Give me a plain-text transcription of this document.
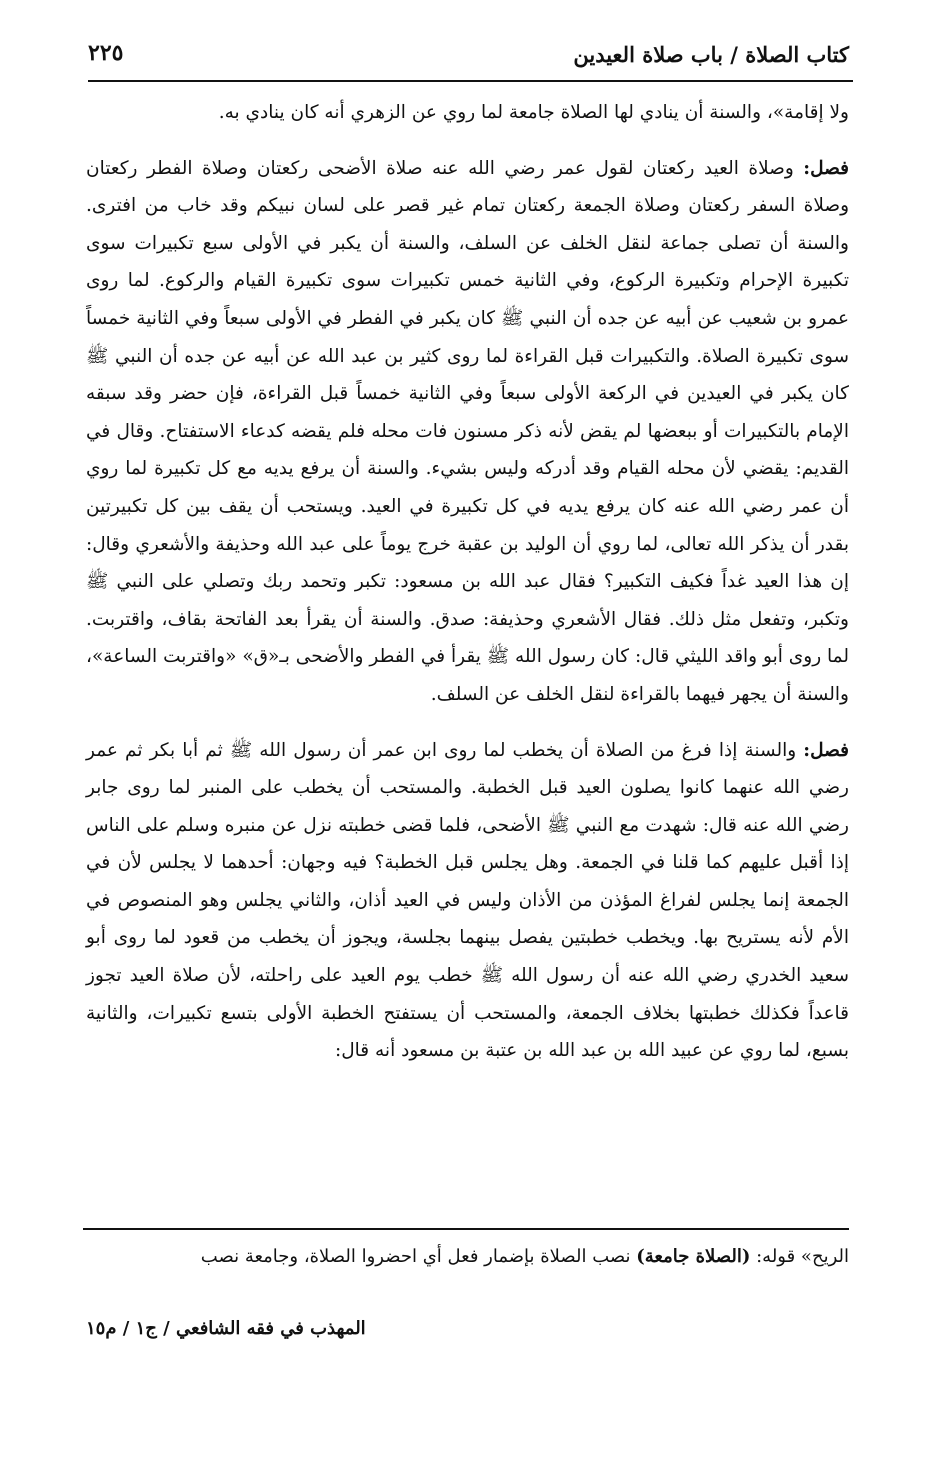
كتاب الصلاة / باب صلاة العيدين
٢٢٥

ولا إقامة»، والسنة أن ينادي لها الصلاة جامعة لما روي عن الزهري أنه كان ينادي به.

فصل: وصلاة العيد ركعتان لقول عمر رضي الله عنه صلاة الأضحى ركعتان وصلاة الفطر ركعتان وصلاة السفر ركعتان وصلاة الجمعة ركعتان تمام غير قصر على لسان نبيكم وقد خاب من افترى. والسنة أن تصلى جماعة لنقل الخلف عن السلف، والسنة أن يكبر في الأولى سبع تكبيرات سوى تكبيرة الإحرام وتكبيرة الركوع، وفي الثانية خمس تكبيرات سوى تكبيرة القيام والركوع. لما روى عمرو بن شعيب عن أبيه عن جده أن النبي ﷺ كان يكبر في الفطر في الأولى سبعاً وفي الثانية خمساً سوى تكبيرة الصلاة. والتكبيرات قبل القراءة لما روى كثير بن عبد الله عن أبيه عن جده أن النبي ﷺ كان يكبر في العيدين في الركعة الأولى سبعاً وفي الثانية خمساً قبل القراءة، فإن حضر وقد سبقه الإمام بالتكبيرات أو ببعضها لم يقض لأنه ذكر مسنون فات محله فلم يقضه كدعاء الاستفتاح. وقال في القديم: يقضي لأن محله القيام وقد أدركه وليس بشيء. والسنة أن يرفع يديه مع كل تكبيرة لما روي أن عمر رضي الله عنه كان يرفع يديه في كل تكبيرة في العيد. ويستحب أن يقف بين كل تكبيرتين بقدر أن يذكر الله تعالى، لما روي أن الوليد بن عقبة خرج يوماً على عبد الله وحذيفة والأشعري وقال: إن هذا العيد غداً فكيف التكبير؟ فقال عبد الله بن مسعود: تكبر وتحمد ربك وتصلي على النبي ﷺ وتكبر، وتفعل مثل ذلك. فقال الأشعري وحذيفة: صدق. والسنة أن يقرأ بعد الفاتحة بقاف، واقتربت. لما روى أبو واقد الليثي قال: كان رسول الله ﷺ يقرأ في الفطر والأضحى بـ«ق» «واقتربت الساعة»، والسنة أن يجهر فيهما بالقراءة لنقل الخلف عن السلف.

فصل: والسنة إذا فرغ من الصلاة أن يخطب لما روى ابن عمر أن رسول الله ﷺ ثم أبا بكر ثم عمر رضي الله عنهما كانوا يصلون العيد قبل الخطبة. والمستحب أن يخطب على المنبر لما روى جابر رضي الله عنه قال: شهدت مع النبي ﷺ الأضحى، فلما قضى خطبته نزل عن منبره وسلم على الناس إذا أقبل عليهم كما قلنا في الجمعة. وهل يجلس قبل الخطبة؟ فيه وجهان: أحدهما لا يجلس لأن في الجمعة إنما يجلس لفراغ المؤذن من الأذان وليس في العيد أذان، والثاني يجلس وهو المنصوص في الأم لأنه يستريح بها. ويخطب خطبتين يفصل بينهما بجلسة، ويجوز أن يخطب من قعود لما روى أبو سعيد الخدري رضي الله عنه أن رسول الله ﷺ خطب يوم العيد على راحلته، لأن صلاة العيد تجوز قاعداً فكذلك خطبتها بخلاف الجمعة، والمستحب أن يستفتح الخطبة الأولى بتسع تكبيرات، والثانية بسبع، لما روي عن عبيد الله بن عبد الله بن عتبة بن مسعود أنه قال:

الريح» قوله: (الصلاة جامعة) نصب الصلاة بإضمار فعل أي احضروا الصلاة، وجامعة نصب
المهذب في فقه الشافعي / ج١ / م١٥
